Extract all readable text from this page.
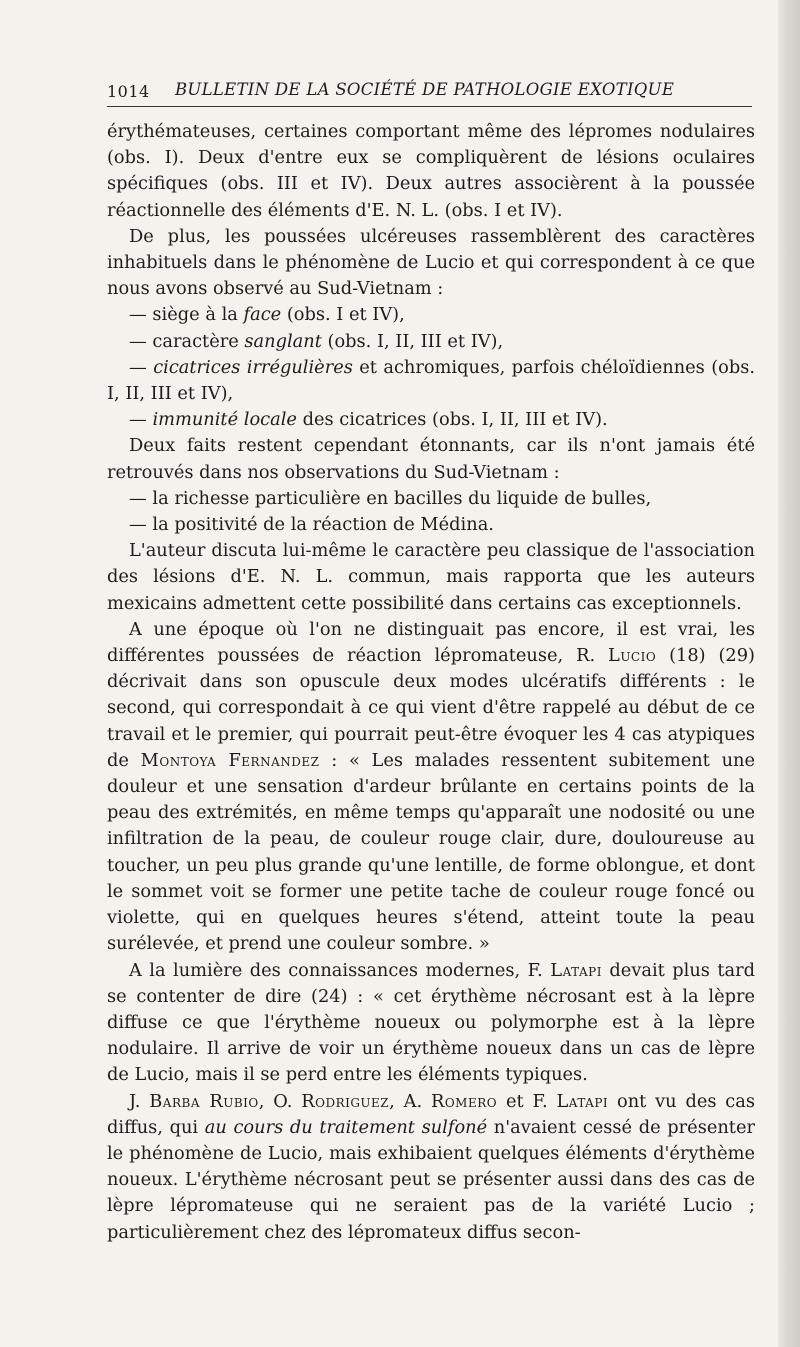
1014 BULLETIN DE LA SOCIÉTÉ DE PATHOLOGIE EXOTIQUE

érythémateuses, certaines comportant même des lépromes nodulaires (obs. I). Deux d'entre eux se compliquèrent de lésions oculaires spécifiques (obs. III et IV). Deux autres associèrent à la poussée réactionnelle des éléments d'E. N. L. (obs. I et IV).

De plus, les poussées ulcéreuses rassemblèrent des caractères inhabituels dans le phénomène de Lucio et qui correspondent à ce que nous avons observé au Sud-Vietnam :

— siège à la face (obs. I et IV),

— caractère sanglant (obs. I, II, III et IV),

— cicatrices irrégulières et achromiques, parfois chéloïdiennes (obs. I, II, III et IV),

— immunité locale des cicatrices (obs. I, II, III et IV).

Deux faits restent cependant étonnants, car ils n'ont jamais été retrouvés dans nos observations du Sud-Vietnam :

— la richesse particulière en bacilles du liquide de bulles,

— la positivité de la réaction de Médina.

L'auteur discuta lui-même le caractère peu classique de l'association des lésions d'E. N. L. commun, mais rapporta que les auteurs mexicains admettent cette possibilité dans certains cas exceptionnels.

A une époque où l'on ne distinguait pas encore, il est vrai, les différentes poussées de réaction lépromateuse, R. Lucio (18) (29) décrivait dans son opuscule deux modes ulcératifs différents : le second, qui correspondait à ce qui vient d'être rappelé au début de ce travail et le premier, qui pourrait peut-être évoquer les 4 cas atypiques de Montoya Fernandez : « Les malades ressentent subitement une douleur et une sensation d'ardeur brûlante en certains points de la peau des extrémités, en même temps qu'apparaît une nodosité ou une infiltration de la peau, de couleur rouge clair, dure, douloureuse au toucher, un peu plus grande qu'une lentille, de forme oblongue, et dont le sommet voit se former une petite tache de couleur rouge foncé ou violette, qui en quelques heures s'étend, atteint toute la peau surélevée, et prend une couleur sombre. »

A la lumière des connaissances modernes, F. Latapi devait plus tard se contenter de dire (24) : « cet érythème nécrosant est à la lèpre diffuse ce que l'érythème noueux ou polymorphe est à la lèpre nodulaire. Il arrive de voir un érythème noueux dans un cas de lèpre de Lucio, mais il se perd entre les éléments typiques.

J. Barba Rubio, O. Rodriguez, A. Romero et F. Latapi ont vu des cas diffus, qui au cours du traitement sulfoné n'avaient cessé de présenter le phénomène de Lucio, mais exhibaient quelques éléments d'érythème noueux. L'érythème nécrosant peut se présenter aussi dans des cas de lèpre lépromateuse qui ne seraient pas de la variété Lucio ; particulièrement chez des lépromateux diffus secon-
